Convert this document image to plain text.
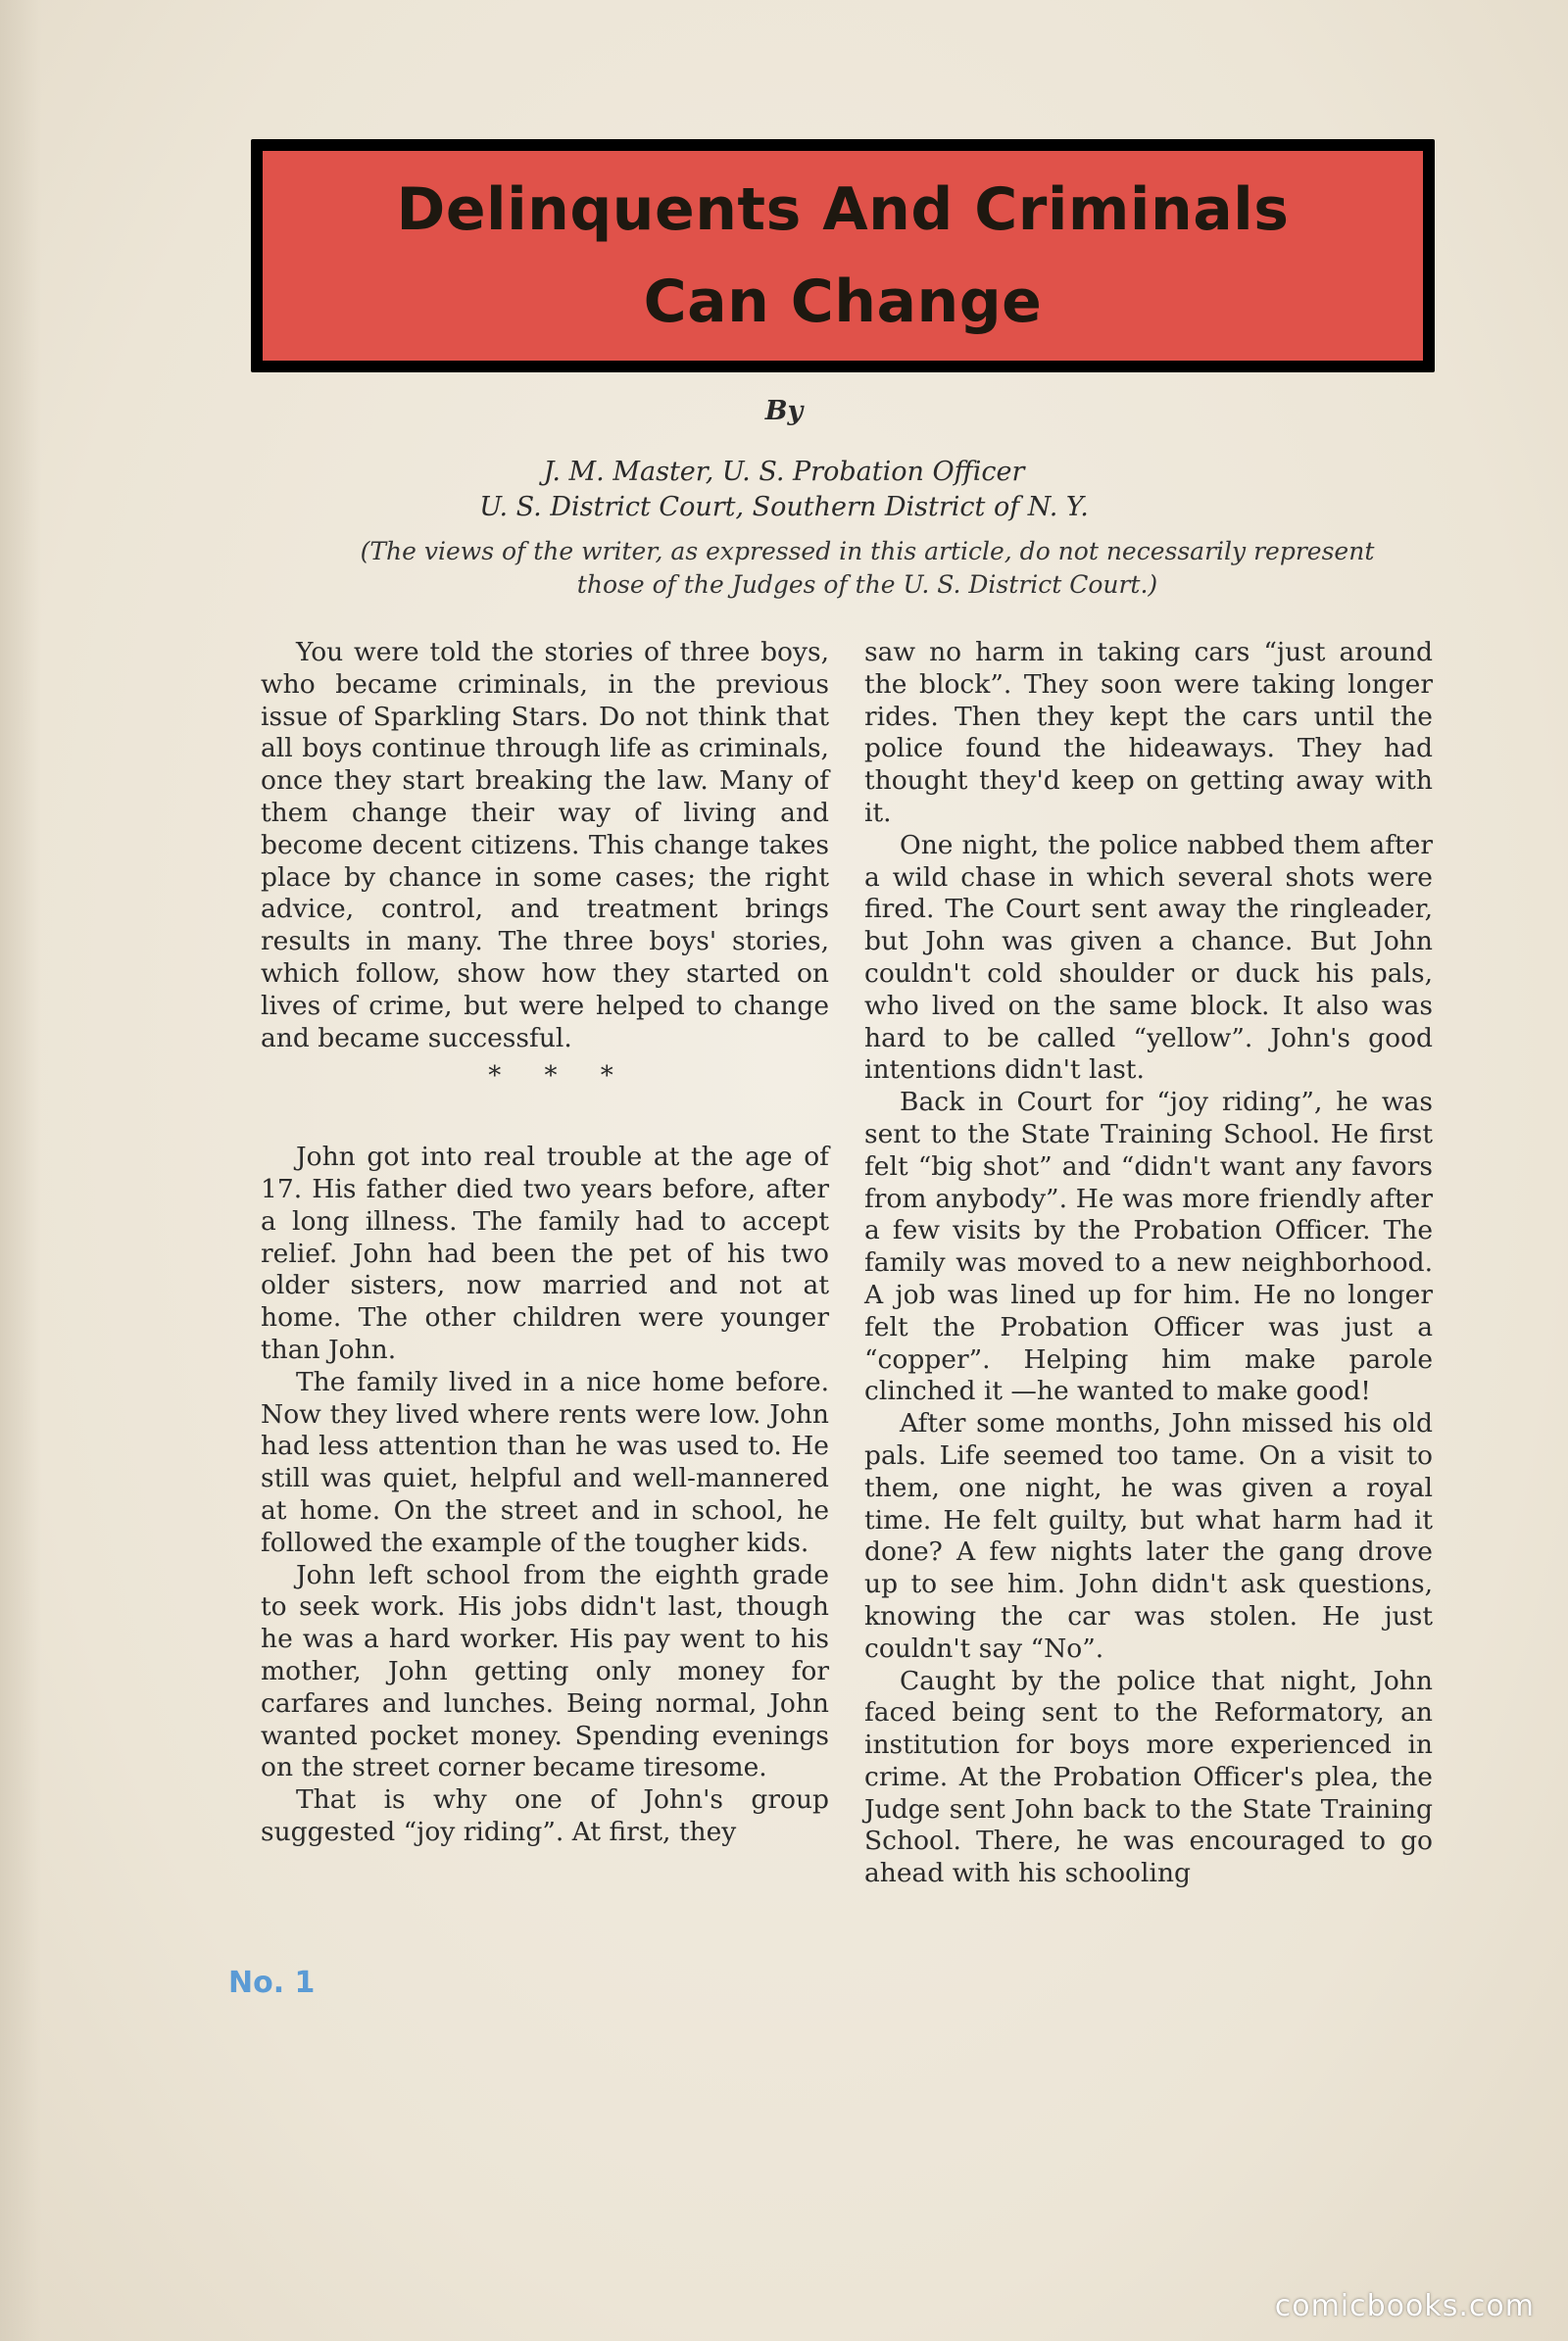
Delinquents And Criminals
Can Change
By
J. M. Master, U. S. Probation Officer
U. S. District Court, Southern District of N. Y.
(The views of the writer, as expressed in this article, do not necessarily represent those of the Judges of the U. S. District Court.)

You were told the stories of three boys, who became criminals, in the previous issue of Sparkling Stars. Do not think that all boys continue through life as criminals, once they start breaking the law. Many of them change their way of living and become decent citizens. This change takes place by chance in some cases; the right advice, control, and treatment brings results in many. The three boys' stories, which follow, show how they started on lives of crime, but were helped to change and became successful.

* * *

John got into real trouble at the age of 17. His father died two years before, after a long illness. The family had to accept relief. John had been the pet of his two older sisters, now married and not at home. The other children were younger than John.

The family lived in a nice home before. Now they lived where rents were low. John had less attention than he was used to. He still was quiet, helpful and well-mannered at home. On the street and in school, he followed the example of the tougher kids.

John left school from the eighth grade to seek work. His jobs didn't last, though he was a hard worker. His pay went to his mother, John getting only money for carfares and lunches. Being normal, John wanted pocket money. Spending evenings on the street corner became tiresome.

That is why one of John's group suggested “joy riding”. At first, they

saw no harm in taking cars “just around the block”. They soon were taking longer rides. Then they kept the cars until the police found the hideaways. They had thought they'd keep on getting away with it.

One night, the police nabbed them after a wild chase in which several shots were fired. The Court sent away the ringleader, but John was given a chance. But John couldn't cold shoulder or duck his pals, who lived on the same block. It also was hard to be called “yellow”. John's good intentions didn't last.

Back in Court for “joy riding”, he was sent to the State Training School. He first felt “big shot” and “didn't want any favors from anybody”. He was more friendly after a few visits by the Probation Officer. The family was moved to a new neighborhood. A job was lined up for him. He no longer felt the Probation Officer was just a “copper”. Helping him make parole clinched it —he wanted to make good!

After some months, John missed his old pals. Life seemed too tame. On a visit to them, one night, he was given a royal time. He felt guilty, but what harm had it done? A few nights later the gang drove up to see him. John didn't ask questions, knowing the car was stolen. He just couldn't say “No”.

Caught by the police that night, John faced being sent to the Reformatory, an institution for boys more experienced in crime. At the Probation Officer's plea, the Judge sent John back to the State Training School. There, he was encouraged to go ahead with his schooling

No. 1
comicbooks.com
